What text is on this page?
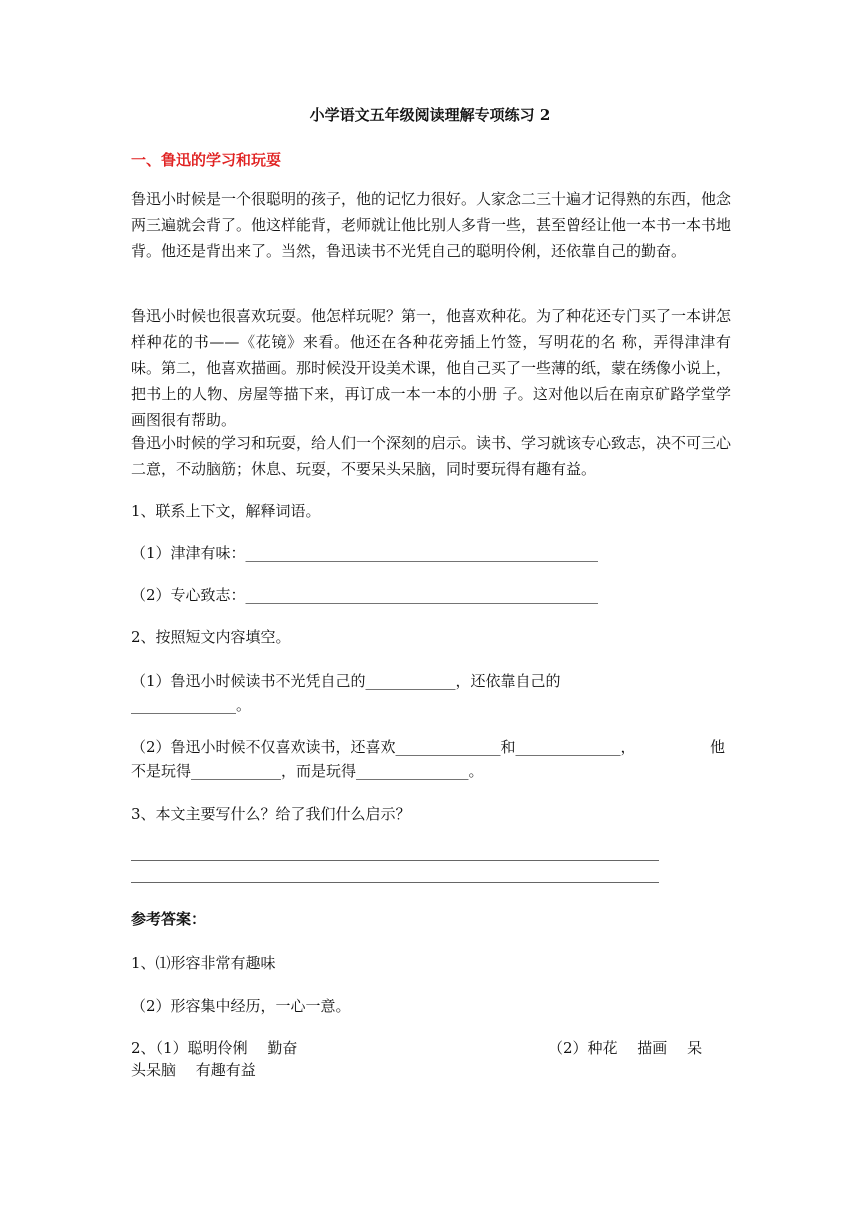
小学语文五年级阅读理解专项练习 2
一、鲁迅的学习和玩耍

鲁迅小时候是一个很聪明的孩子，他的记忆力很好。人家念二三十遍才记得熟的东西，他念两三遍就会背了。他这样能背，老师就让他比别人多背一些，甚至曾经让他一本书一本书地背。他还是背出来了。当然，鲁迅读书不光凭自己的聪明伶俐，还依靠自己的勤奋。

鲁迅小时候也很喜欢玩耍。他怎样玩呢？第一，他喜欢种花。为了种花还专门买了一本讲怎样种花的书——《花镜》来看。他还在各种花旁插上竹签，写明花的名 称，弄得津津有味。第二，他喜欢描画。那时候没开设美术课，他自己买了一些薄的纸，蒙在绣像小说上，把书上的人物、房屋等描下来，再订成一本一本的小册 子。这对他以后在南京矿路学堂学画图很有帮助。

鲁迅小时候的学习和玩耍，给人们一个深刻的启示。读书、学习就该专心致志，决不可三心二意，不动脑筋；休息、玩耍，不要呆头呆脑，同时要玩得有趣有益。

1、联系上下文，解释词语。
（1）津津有味：_______________________________________________
（2）专心致志：_______________________________________________
2、按照短文内容填空。
（1）鲁迅小时候读书不光凭自己的____________，还依靠自己的
______________。
（2）鲁迅小时候不仅喜欢读书，还喜欢______________和______________，	他
不是玩得____________，而是玩得_______________。
3、本文主要写什么？给了我们什么启示？
参考答案：
1、⑴形容非常有趣味
（2）形容集中经历，一心一意。
2、（1）聪明伶俐　 勤奋	（2）种花　 描画　 呆
头呆脑　 有趣有益
